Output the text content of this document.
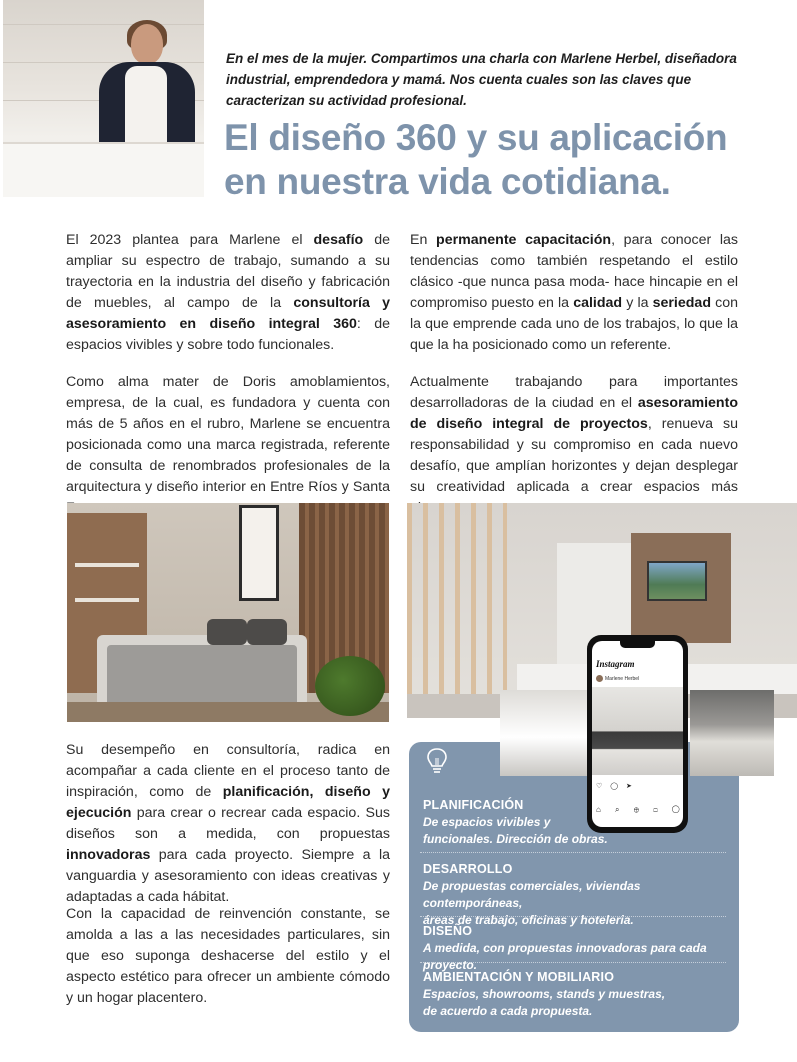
En el mes de la mujer. Compartimos una charla con Marlene Herbel, diseñadora industrial, emprendedora y mamá. Nos cuenta cuales son las claves que caracterizan su actividad profesional.

El diseño 360 y su aplicación
en nuestra vida cotidiana.

El 2023 plantea para Marlene el desafío de ampliar su espectro de trabajo, sumando a su trayectoria en la industria del diseño y fabricación de muebles, al campo de la consultoría y asesoramiento en diseño integral 360: de espacios vivibles y sobre todo funcionales.

Como alma mater de Doris amoblamientos, empresa, de la cual, es fundadora y cuenta con más de 5 años en el rubro, Marlene se encuentra posicionada como una marca registrada, referente de consulta de renombrados profesionales de la arquitectura y diseño interior en Entre Ríos y Santa

En permanente capacitación, para conocer las tendencias como también respetando el estilo clásico -que nunca pasa moda- hace hincapie en el compromiso puesto en la calidad y la seriedad con la que emprende cada uno de los trabajos, lo que la que la ha posicionado como un referente.

Actualmente trabajando para importantes desarrolladoras de la ciudad en el asesoramiento de diseño integral de proyectos, renueva su responsabilidad y su compromiso en cada nuevo desafío, que amplían horizontes y dejan desplegar su creatividad aplicada a crear espacios más

Su desempeño en consultoría, radica en acompañar a cada cliente en el proceso tanto de inspiración, como de planificación, diseño y ejecución para crear o recrear cada espacio. Sus diseños son a medida, con propuestas innovadoras para cada proyecto. Siempre a la vanguardia y asesoramiento con ideas creativas y adaptadas a cada hábitat.

Con la capacidad de reinvención constante, se amolda a las a las necesidades particulares, sin que eso suponga deshacerse del estilo y el aspecto estético para ofrecer un ambiente cómodo y un hogar placentero.

Instagram
Marlene Herbel
♡ ◯ ➤
⌂ ⌕ ⊕ ◻ ◯
PLANIFICACIÓN
De espacios vivibles y
funcionales. Dirección de obras.
DESARROLLO
De propuestas comerciales, viviendas contemporáneas,
áreas de trabajo, oficinas y hoteleria.
DISEÑO
A medida, con propuestas innovadoras para cada proyecto.
AMBIENTACIÓN Y MOBILIARIO
Espacios, showrooms, stands y muestras,
de acuerdo a cada propuesta.
